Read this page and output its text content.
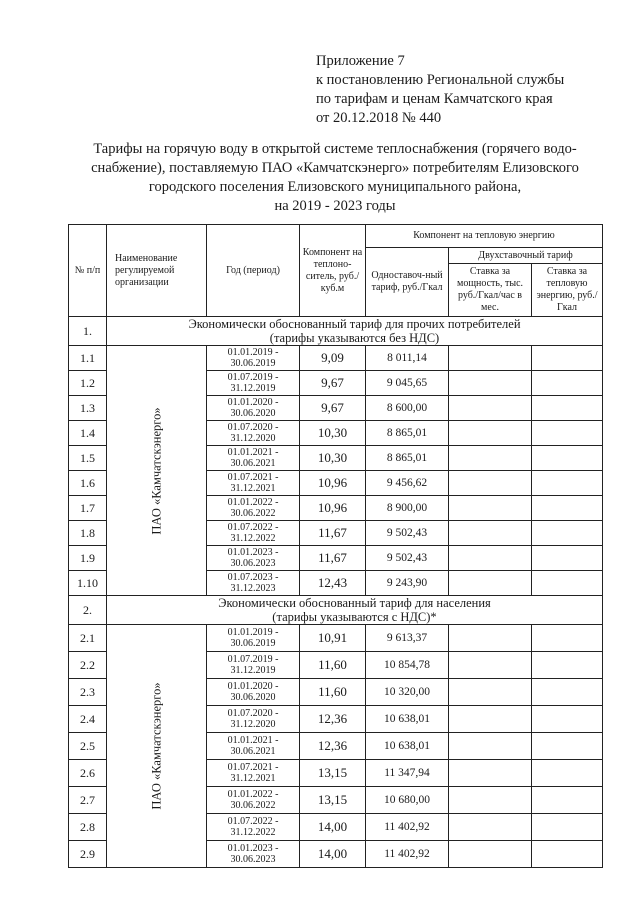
Приложение 7
к постановлению Региональной службы
по тарифам и ценам Камчатского края
от 20.12.2018 № 440
Тарифы на горячую воду в открытой системе теплоснабжения (горячего водо-
снабжение), поставляемую ПАО «Камчатскэнерго» потребителям Елизовского
городского поселения Елизовского муниципального района,
на 2019 - 2023 годы
№ п/п	Наименование регулируемой организации	Год (период)	Компонент на теплоно-ситель, руб./куб.м	Компонент на тепловую энергию		
				Одноставоч-ный тариф, руб./Гкал	Двухставочный тариф	
					Ставка за мощность, тыс. руб./Гкал/час в мес.	Ставка за тепловую энергию, руб./Гкал
1.	Экономически обоснованный тариф для прочих потребителей
(тарифы указываются без НДС)					

1.1	ПАО «Камчатскэнерго»	01.01.2019 -
30.06.2019	9,09	8 011,14		
1.2		01.07.2019 -
31.12.2019	9,67	9 045,65		
1.3		01.01.2020 -
30.06.2020	9,67	8 600,00		
1.4		01.07.2020 -
31.12.2020	10,30	8 865,01		
1.5		01.01.2021 -
30.06.2021	10,30	8 865,01		
1.6		01.07.2021 -
31.12.2021	10,96	9 456,62		
1.7		01.01.2022 -
30.06.2022	10,96	8 900,00		
1.8		01.07.2022 -
31.12.2022	11,67	9 502,43		
1.9		01.01.2023 -
30.06.2023	11,67	9 502,43		
1.10		01.07.2023 -
31.12.2023	12,43	9 243,90		
2.	Экономически обоснованный тариф для населения
(тарифы указываются с НДС)*					

2.1	ПАО «Камчатскэнерго»	01.01.2019 -
30.06.2019	10,91	9 613,37		
2.2		01.07.2019 -
31.12.2019	11,60	10 854,78		
2.3		01.01.2020 -
30.06.2020	11,60	10 320,00		
2.4		01.07.2020 -
31.12.2020	12,36	10 638,01		
2.5		01.01.2021 -
30.06.2021	12,36	10 638,01		
2.6		01.07.2021 -
31.12.2021	13,15	11 347,94		
2.7		01.01.2022 -
30.06.2022	13,15	10 680,00		
2.8		01.07.2022 -
31.12.2022	14,00	11 402,92		
2.9		01.01.2023 -
30.06.2023	14,00	11 402,92		
